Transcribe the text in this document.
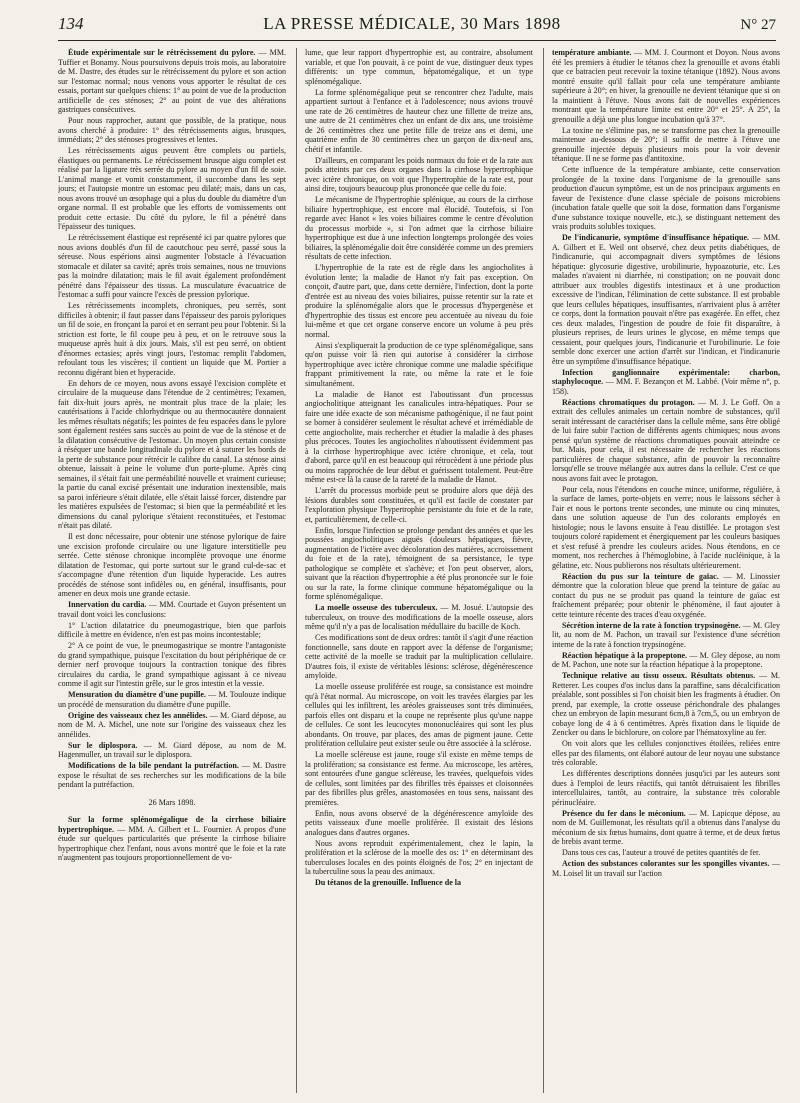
134	LA PRESSE MÉDICALE, 30 Mars 1898	N° 27

Étude expérimentale sur le rétrécissement du pylore. — MM. Tuffier et Bonamy. Nous poursuivons depuis trois mois, au laboratoire de M. Dastre, des études sur le rétrécissement du pylore et son action sur l'estomac normal; nous venons vous apporter le résultat de ces essais, portant sur quelques chiens: 1° au point de vue de la production artificielle de ces sténoses; 2° au point de vue des altérations gastriques consécutives.

Pour nous rapprocher, autant que possible, de la pratique, nous avons cherché à produire: 1° des rétrécissements aigus, brusques, immédiats; 2° des sténoses progressives et lentes.

Les rétrécissements aigus peuvent être complets ou partiels, élastiques ou permanents. Le rétrécissement brusque aigu complet est réalisé par la ligature très serrée du pylore au moyen d'un fil de soie. L'animal mange et vomit constamment, il succombe dans les sept jours; et l'autopsie montre un estomac peu dilaté; mais, dans un cas, nous avons trouvé un œsophage qui a plus du double du diamètre d'un organe normal. Il est probable que les efforts de vomissements ont produit cette ectasie. Du côté du pylore, le fil a pénétré dans l'épaisseur des tuniques.

Le rétrécissement élastique est représenté ici par quatre pylores que nous avions doublés d'un fil de caoutchouc peu serré, passé sous la séreuse. Nous espérions ainsi augmenter l'obstacle à l'évacuation stomacale et dilater sa cavité; après trois semaines, nous ne trouvions pas la moindre dilatation; mais le fil avait également profondément pénétré dans l'épaisseur des tissus. La musculature évacuatrice de l'estomac a suffi pour vaincre l'excès de pression pylorique.

Les rétrécissements incomplets, chroniques, peu serrés, sont difficiles à obtenir; il faut passer dans l'épaisseur des parois pyloriques un fil de soie, en fronçant la paroi et en serrant peu pour l'obtenir. Si la striction est forte, le fil coupe peu à peu, et on le retrouve sous la muqueuse après huit à dix jours. Mais, s'il est peu serré, on obtient d'énormes ectasies; après vingt jours, l'estomac remplit l'abdomen, refoulant tous les viscères; il contient un liquide que M. Portier a reconnu digérant bien et hyperacide.

En dehors de ce moyen, nous avons essayé l'excision complète et circulaire de la muqueuse dans l'étendue de 2 centimètres; l'examen, fait dix-huit jours après, ne montrait plus trace de la plaie; les cautérisations à l'acide chlorhydrique ou au thermocautère donnaient les mêmes résultats négatifs; les pointes de feu espacées dans le pylore sont également restées sans succès au point de vue de la sténose et de la dilatation consécutive de l'estomac. Un moyen plus certain consiste à réséquer une bande longitudinale du pylore et à suturer les bords de la perte de substance pour rétrécir le calibre du canal. La sténose ainsi obtenue, laissait à peine le volume d'un porte-plume. Après cinq semaines, il s'était fait une perméabilité nouvelle et vraiment curieuse; la partie du canal excisé présentait une induration inextensible, mais sa paroi inférieure s'était dilatée, elle s'était laissé forcer, distendre par les matières expulsées de l'estomac; si bien que la perméabilité et les dimensions du canal pylorique s'étaient reconstituées, et l'estomac n'était pas dilaté.

Il est donc nécessaire, pour obtenir une sténose pylorique de faire une excision profonde circulaire ou une ligature interstitielle peu serrée. Cette sténose chronique incomplète provoque une énorme dilatation de l'estomac, qui porte surtout sur le grand cul-de-sac et s'accompagne d'une rétention d'un liquide hyperacide. Les autres procédés de sténose sont infidèles ou, en général, insuffisants, pour amener en deux mois une grande ectasie.

Innervation du cardia. — MM. Courtade et Guyon présentent un travail dont voici les conclusions:

1° L'action dilatatrice du pneumogastrique, bien que parfois difficile à mettre en évidence, n'en est pas moins incontestable;

2° A ce point de vue, le pneumogastrique se montre l'antagoniste du grand sympathique, puisque l'excitation du bout périphérique de ce dernier nerf provoque toujours la contraction tonique des fibres circulaires du cardia, le grand sympathique agissant à ce niveau comme il agit sur l'intestin grêle, sur le gros intestin et la vessie.

Mensuration du diamètre d'une pupille. — M. Toulouze indique un procédé de mensuration du diamètre d'une pupille.

Origine des vaisseaux chez les annélides. — M. Giard dépose, au nom de M. A. Michel, une note sur l'origine des vaisseaux chez les annélides.

Sur le diplospora. — M. Giard dépose, au nom de M. Hagenmuller, un travail sur le diplospora.

Modifications de la bile pendant la putréfaction. — M. Dastre expose le résultat de ses recherches sur les modifications de la bile pendant la putréfaction.

26 Mars 1898.

Sur la forme splénomégalique de la cirrhose biliaire hypertrophique. — MM. A. Gilbert et L. Fournier. A propos d'une étude sur quelques particularités que présente la cirrhose biliaire hypertrophique chez l'enfant, nous avons montré que le foie et la rate n'augmentent pas toujours proportionnellement de vo-

lume, que leur rapport d'hypertrophie est, au contraire, absolument variable, et que l'on pouvait, à ce point de vue, distinguer deux types différents: un type commun, hépatomégalique, et un type splénomégalique.

La forme splénomégalique peut se rencontrer chez l'adulte, mais appartient surtout à l'enfance et à l'adolescence; nous avions trouvé une rate de 26 centimètres de hauteur chez une fillette de treize ans, une autre de 21 centimètres chez un enfant de dix ans, une troisième de 26 centimètres chez une petite fille de treize ans et demi, une quatrième enfin de 30 centimètres chez un garçon de dix-neuf ans, chétif et infantile.

D'ailleurs, en comparant les poids normaux du foie et de la rate aux poids atteints par ces deux organes dans la cirrhose hypertrophique avec ictère chronique, on voit que l'hypertrophie de la rate est, pour ainsi dire, toujours beaucoup plus prononcée que celle du foie.

Le mécanisme de l'hypertrophie splénique, au cours de la cirrhose biliaire hypertrophique, est encore mal élucidé. Toutefois, si l'on regarde avec Hanot « les voies biliaires comme le centre d'évolution du processus morbide », si l'on admet que la cirrhose biliaire hypertrophique est due à une infection longtemps prolongée des voies biliaires, la splénomégalie doit être considérée comme un des premiers résultats de cette infection.

L'hypertrophie de la rate est de règle dans les angiocholites à évolution lente; la maladie de Hanot n'y fait pas exception. On conçoit, d'autre part, que, dans cette dernière, l'infection, dont la porte d'entrée est au niveau des voies biliaires, puisse retentir sur la rate et produire la splénomégalie alors que le processus d'hypergenèse et d'hypertrophie des tissus est encore peu accentuée au niveau du foie lui-même et que cet organe conserve encore un volume à peu près normal.

Ainsi s'expliquerait la production de ce type splénomégalique, sans qu'on puisse voir là rien qui autorise à considérer la cirrhose hypertrophique avec ictère chronique comme une maladie spécifique frappant primitivement la rate, ou même la rate et le foie simultanément.

La maladie de Hanot est l'aboutissant d'un processus angiocholitique atteignant les canalicules intra-hépatiques. Pour se faire une idée exacte de son mécanisme pathogénique, il ne faut point se borner à considérer seulement le résultat achevé et irrémédiable de cette angiocholite, mais rechercher et étudier la maladie à des phases plus précoces. Toutes les angiocholites n'aboutissent évidemment pas à la cirrhose hypertrophique avec ictère chronique, et cela, tout d'abord, parce qu'il en est beaucoup qui rétrocèdent à une période plus ou moins rapprochée de leur début et guérissent totalement. Peut-être même est-ce là la cause de la rareté de la maladie de Hanot.

L'arrêt du processus morbide peut se produire alors que déjà des lésions durables sont constituées, et qu'il est facile de constater par l'exploration physique l'hypertrophie persistante du foie et de la rate, et, particulièrement, de celle-ci.

Enfin, lorsque l'infection se prolonge pendant des années et que les poussées angiocholitiques aiguës (douleurs hépatiques, fièvre, augmentation de l'ictère avec décoloration des matières, accroissement du foie et de la rate), témoignent de sa persistance, le type pathologique se complète et s'achève; et l'on peut observer, alors, suivant que la réaction d'hypertrophie a été plus prononcée sur le foie ou sur la rate, la forme clinique commune hépatomégalique ou la forme splénomégalique.

La moelle osseuse des tuberculeux. — M. Josué. L'autopsie des tuberculeux, on trouve des modifications de la moelle osseuse, alors même qu'il n'y a pas de localisation médullaire du bacille de Koch.

Ces modifications sont de deux ordres: tantôt il s'agit d'une réaction fonctionnelle, sans doute en rapport avec la défense de l'organisme; cette activité de la moelle se traduit par la multiplication cellulaire. D'autres fois, il existe de véritables lésions: sclérose, dégénérescence amyloïde.

La moelle osseuse proliférée est rouge, sa consistance est moindre qu'à l'état normal. Au microscope, on voit les travées élargies par les cellules qui les infiltrent, les aréoles graisseuses sont très diminuées, parfois elles ont disparu et la coupe ne représente plus qu'une nappe de cellules. Ce sont les leucocytes mononucléaires qui sont les plus abondants. On trouve, par places, des amas de pigment jaune. Cette prolifération cellulaire peut exister seule ou être associée à la sclérose.

La moelle scléreuse est jaune, rouge s'il existe en même temps de la prolifération; sa consistance est ferme. Au microscope, les artères, sont entourées d'une gangue scléreuse, les travées, quelquefois vides de cellules, sont limitées par des fibrilles très épaisses et cloisonnées par des fibrilles plus grêles, anastomosées en tous sens, naissant des premières.

Enfin, nous avons observé de la dégénérescence amyloïde des petits vaisseaux d'une moelle proliférée. Il existait des lésions analogues dans d'autres organes.

Nous avons reproduit expérimentalement, chez le lapin, la prolifération et la sclérose de la moelle des os: 1° en déterminant des tuberculoses locales en des points éloignés de l'os; 2° en injectant de la tuberculine sous la peau des animaux.

Du tétanos de la grenouille. Influence de la

température ambiante. — MM. J. Courmont et Doyon. Nous avons été les premiers à étudier le tétanos chez la grenouille et avons établi que ce batracien peut recevoir la toxine tétanique (1892). Nous avons montré ensuite qu'il fallait pour cela une température ambiante supérieure à 20°; en hiver, la grenouille ne devient tétanique que si on la maintient à l'étuve. Nous avons fait de nouvelles expériences montrant que la température limite est entre 20° et 25°. A 25°, la grenouille a déjà une plus longue incubation qu'à 37°.

La toxine ne s'élimine pas, ne se transforme pas chez la grenouille maintenue au-dessous de 20°; il suffit de mettre à l'étuve une grenouille injectée depuis plusieurs mois pour la voir devenir tétanique. Il ne se forme pas d'antitoxine.

Cette influence de la température ambiante, cette conservation prolongée de la toxine dans l'organisme de la grenouille sans production d'aucun symptôme, est un de nos principaux arguments en faveur de l'existence d'une classe spéciale de poisons microbiens (incubation fatale quelle que soit la dose, formation dans l'organisme d'une substance toxique nouvelle, etc.), se distinguant nettement des vrais produits solubles toxiques.

De l'indicanurie, symptôme d'insuffisance hépatique. — MM. A. Gilbert et E. Weil ont observé, chez deux petits diabétiques, de l'indicanurie, qui accompagnait divers symptômes de lésions hépatique: glycosurie digestive, urobilinurie, hypoazoturie, etc. Les malades n'avaient ni diarrhée, ni constipation; on ne pouvait donc attribuer aux troubles digestifs intestinaux et à une production excessive de l'indican, l'élimination de cette substance. Il est probable que leurs cellules hépatiques, insuffisantes, n'arrivaient plus à arrêter ce corps, dont la formation pouvait n'être pas exagérée. En effet, chez ces deux malades, l'ingestion de poudre de foie fit disparaître, à plusieurs reprises, de leurs urines le glycose, en même temps que cessaient, pour quelques jours, l'indicanurie et l'urobilinurie. Le foie semble donc exercer une action d'arrêt sur l'indican, et l'indicanurie être un symptôme d'insuffisance hépatique.

Infection ganglionnaire expérimentale: charbon, staphylocoque. — MM. F. Bezançon et M. Labbé. (Voir même n°, p. 158).

Réactions chromatiques du protagon. — M. J. Le Goff. On a extrait des cellules animales un certain nombre de substances, qu'il serait intéressant de caractériser dans la cellule même, sans être obligé de lui faire subir l'action de différents agents chimiques; nous avons pensé qu'un système de réactions chromatiques pouvait atteindre ce but. Mais, pour cela, il est nécessaire de rechercher les réactions particulières de chaque substance, afin de pouvoir la reconnaître lorsqu'elle se trouve mélangée aux autres dans la cellule. C'est ce que nous avons fait avec le protagon.

Pour cela, nous l'étendons en couche mince, uniforme, régulière, à la surface de lames, porte-objets en verre; nous le laissons sécher à l'air et nous le portons trente secondes, une minute ou cinq minutes, dans une solution aqueuse de l'un des colorants employés en histologie; nous le lavons ensuite à l'eau distillée. Le protagon s'est toujours coloré rapidement et énergiquement par les couleurs basiques et s'est refusé à prendre les couleurs acides. Nous étendons, en ce moment, nos recherches à l'hémoglobine, à l'acide nucléinique, à la gélatine, etc. Nous publierons nos résultats ultérieurement.

Réaction du pus sur la teinture de gaïac. — M. Linossier démontre que la coloration bleue que prend la teinture de gaïac au contact du pus ne se produit pas quand la teinture de gaïac est fraîchement préparée; pour obtenir le phénomène, il faut ajouter à cette teinture récente des traces d'eau oxygénée.

Sécrétion interne de la rate à fonction trypsinogène. — M. Gley lit, au nom de M. Pachon, un travail sur l'existence d'une sécrétion interne de la rate à fonction trypsinogène.

Réaction hépatique à la propeptone. — M. Gley dépose, au nom de M. Pachon, une note sur la réaction hépatique à la propeptone.

Technique relative au tissu osseux. Résultats obtenus. — M. Retterer. Les coupes d'os inclus dans la paraffine, sans décalcification préalable, sont possibles si l'on choisit bien les fragments à étudier. On prend, par exemple, la crotte osseuse périchondrale des phalanges chez un embryon de lapin mesurant 6cm,8 à 7cm,5, ou un embryon de cobaye long de 4 à 6 centimètres. Après fixation dans le liquide de Zencker ou dans le bichlorure, on colore par l'hématoxyline au fer.

On voit alors que les cellules conjonctives étoilées, reliées entre elles par des filaments, ont élaboré autour de leur noyau une substance très colorable.

Les différentes descriptions données jusqu'ici par les auteurs sont dues à l'emploi de leurs réactifs, qui tantôt détruisaient les fibrilles intercellulaires, tantôt, au contraire, la substance très colorable périnucléaire.

Présence du fer dans le méconium. — M. Lapicque dépose, au nom de M. Guillemonat, les résultats qu'il a obtenus dans l'analyse du méconium de six fœtus humains, dont quatre à terme, et de deux fœtus de brebis avant terme.

Dans tous ces cas, l'auteur a trouvé de petites quantités de fer.

Action des substances colorantes sur les spongilles vivantes. — M. Loisel lit un travail sur l'action
